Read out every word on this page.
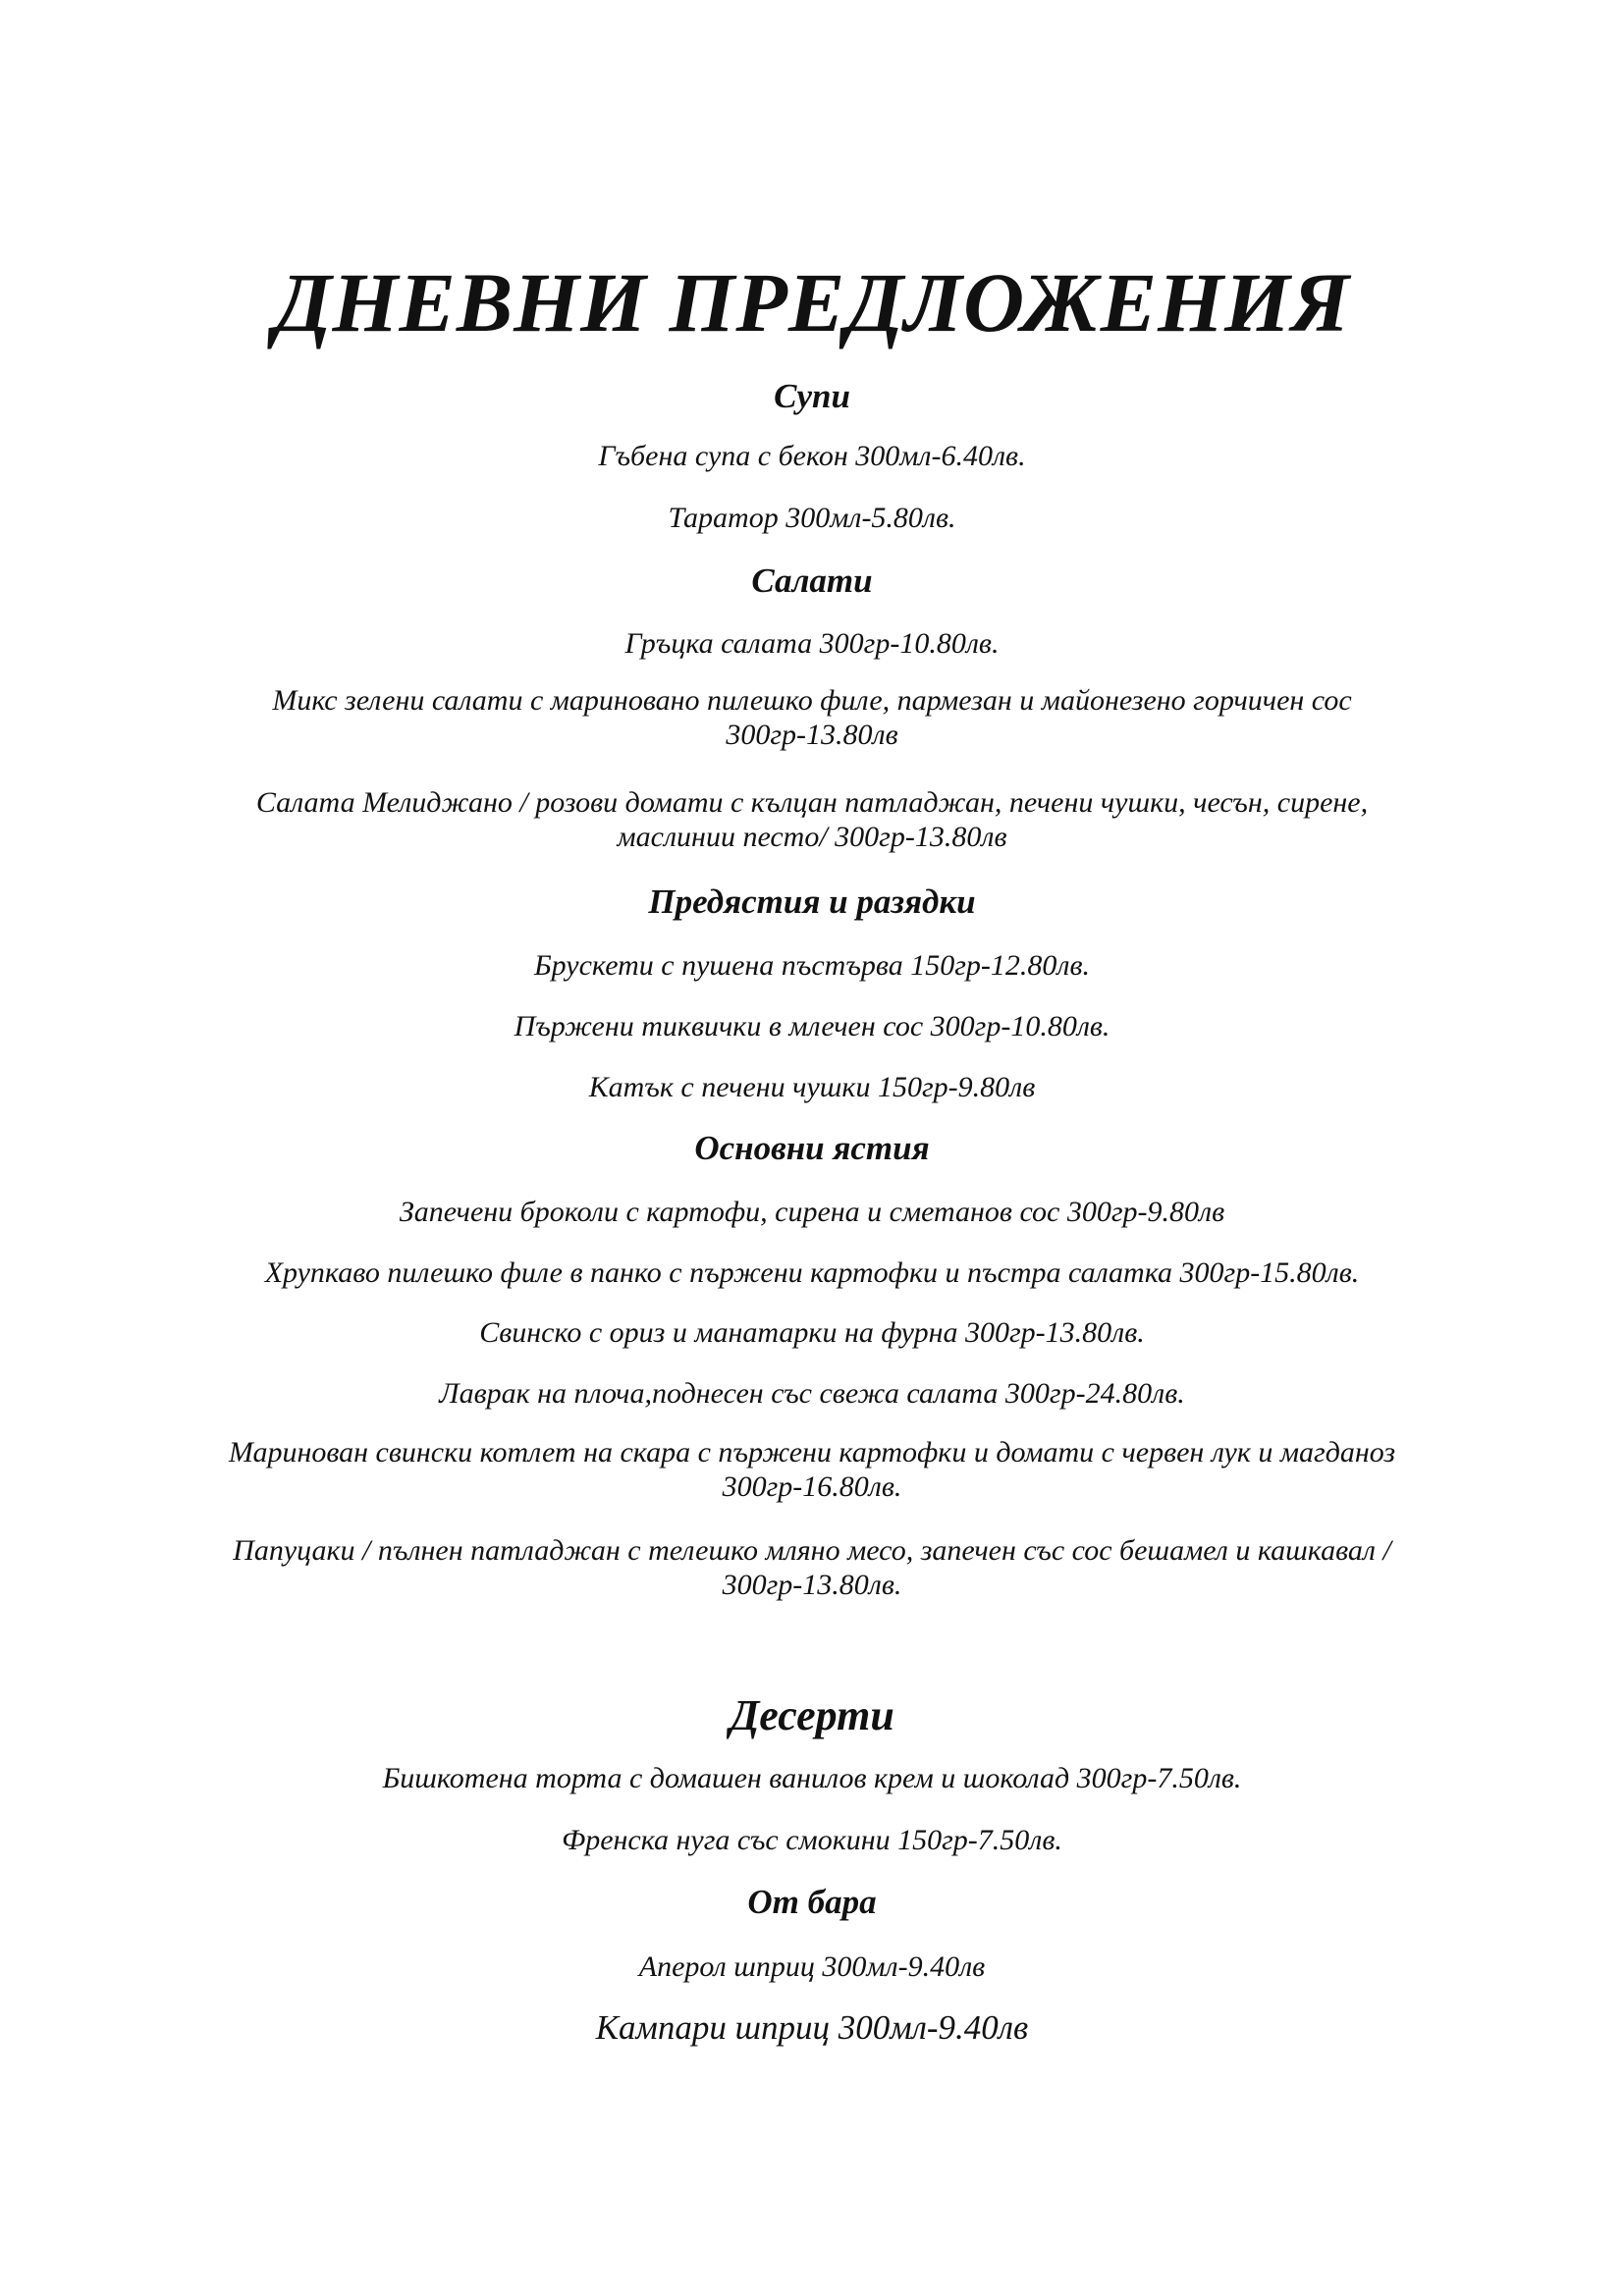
ДНЕВНИ ПРЕДЛОЖЕНИЯ
Супи

Гъбена супа с бекон 300мл-6.40лв.

Таратор 300мл-5.80лв.

Салати

Гръцка салата 300гр-10.80лв.

Микс зелени салати с мариновано пилешко филе, пармезан и майонезено горчичен сос 300гр-13.80лв

Салата Мелиджано / розови домати с кълцан патладжан, печени чушки, чесън, сирене, маслинии песто/ 300гр-13.80лв

Предястия и разядки

Брускети с пушена пъстърва 150гр-12.80лв.

Пържени тиквички в млечен сос 300гр-10.80лв.

Катък с печени чушки 150гр-9.80лв

Основни ястия

Запечени броколи с картофи, сирена и сметанов сос 300гр-9.80лв

Хрупкаво пилешко филе в панко с пържени картофки и пъстра салатка 300гр-15.80лв.

Свинско с ориз и манатарки на фурна 300гр-13.80лв.

Лаврак на плоча,поднесен със свежа салата 300гр-24.80лв.

Маринован свински котлет на скара с пържени картофки и домати с червен лук и магданоз 300гр-16.80лв.

Папуцаки / пълнен патладжан с телешко мляно месо, запечен със сос бешамел и кашкавал / 300гр-13.80лв.

Десерти

Бишкотена торта с домашен ванилов крем и шоколад 300гр-7.50лв.

Френска нуга със смокини 150гр-7.50лв.

От бара

Аперол шприц 300мл-9.40лв

Кампари шприц 300мл-9.40лв
